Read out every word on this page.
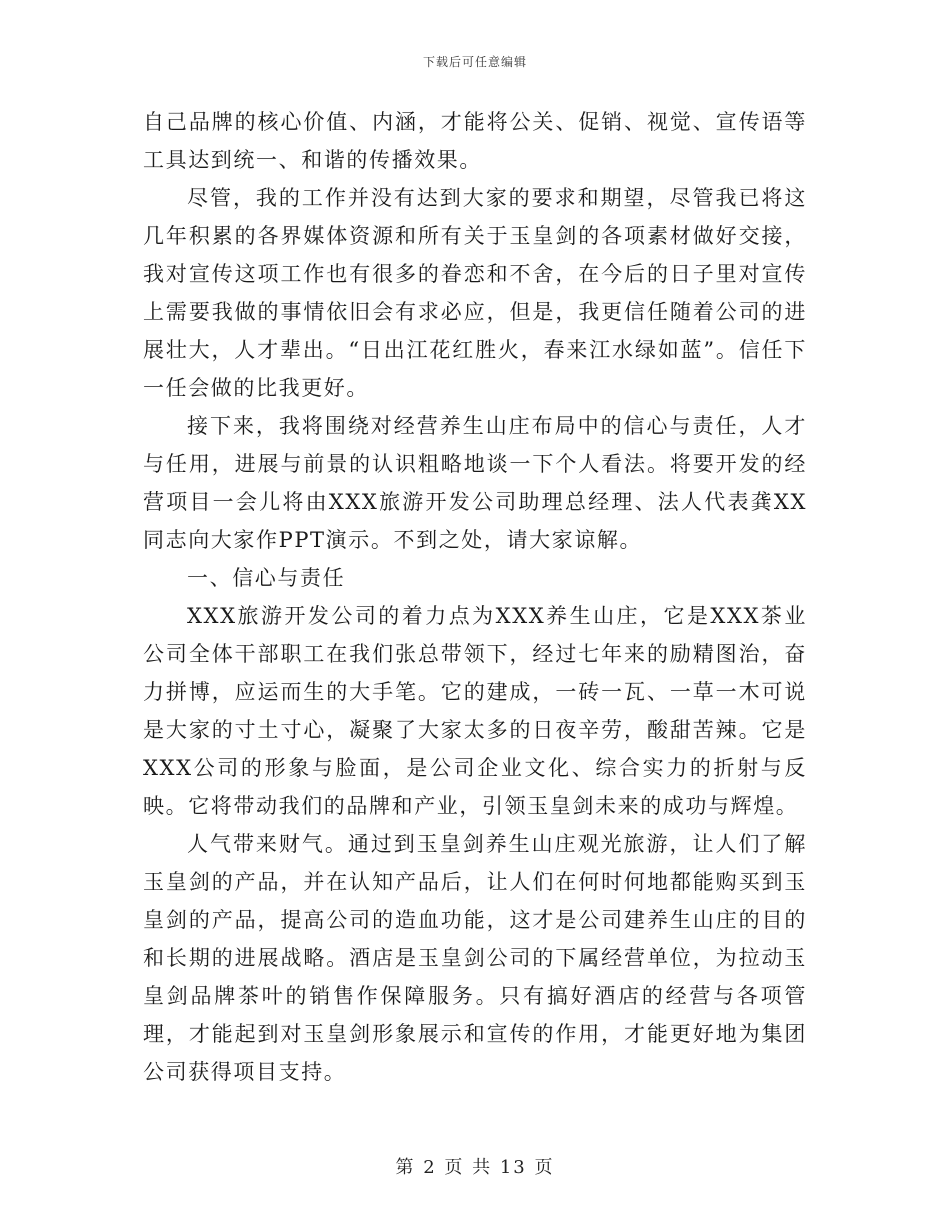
下载后可任意编辑

自己品牌的核心价值、内涵，才能将公关、促销、视觉、宣传语等工具达到统一、和谐的传播效果。

尽管，我的工作并没有达到大家的要求和期望，尽管我已将这几年积累的各界媒体资源和所有关于玉皇剑的各项素材做好交接，我对宣传这项工作也有很多的眷恋和不舍，在今后的日子里对宣传上需要我做的事情依旧会有求必应，但是，我更信任随着公司的进展壮大，人才辈出。“日出江花红胜火，春来江水绿如蓝”。信任下一任会做的比我更好。

接下来，我将围绕对经营养生山庄布局中的信心与责任，人才与任用，进展与前景的认识粗略地谈一下个人看法。将要开发的经营项目一会儿将由XXX旅游开发公司助理总经理、法人代表龚XX同志向大家作PPT演示。不到之处，请大家谅解。

一、信心与责任

XXX旅游开发公司的着力点为XXX养生山庄，它是XXX茶业公司全体干部职工在我们张总带领下，经过七年来的励精图治，奋力拼博，应运而生的大手笔。它的建成，一砖一瓦、一草一木可说是大家的寸土寸心，凝聚了大家太多的日夜辛劳，酸甜苦辣。它是XXX公司的形象与脸面，是公司企业文化、综合实力的折射与反映。它将带动我们的品牌和产业，引领玉皇剑未来的成功与辉煌。

人气带来财气。通过到玉皇剑养生山庄观光旅游，让人们了解玉皇剑的产品，并在认知产品后，让人们在何时何地都能购买到玉皇剑的产品，提高公司的造血功能，这才是公司建养生山庄的目的和长期的进展战略。酒店是玉皇剑公司的下属经营单位，为拉动玉皇剑品牌茶叶的销售作保障服务。只有搞好酒店的经营与各项管理，才能起到对玉皇剑形象展示和宣传的作用，才能更好地为集团公司获得项目支持。

第 2 页 共 13 页
